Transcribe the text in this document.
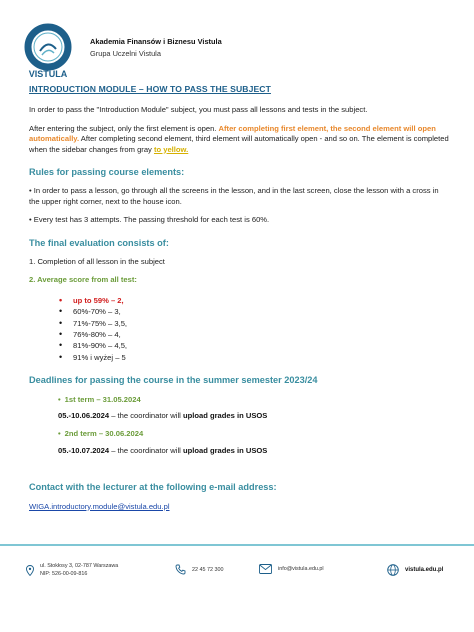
VISTULA
Akademia Finansów i Biznesu Vistula
Grupa Uczelni Vistula
INTRODUCTION MODULE – HOW TO PASS THE SUBJECT

In order to pass the "Introduction Module" subject, you must pass all lessons and tests in the subject.

After entering the subject, only the first element is open. After completing first element, the second element will open automatically. After completing second element, third element will automatically open - and so on. The element is completed when the sidebar changes from gray to yellow.

Rules for passing course elements:

• In order to pass a lesson, go through all the screens in the lesson, and in the last screen, close the lesson with a cross in the upper right corner, next to the house icon.

• Every test has 3 attempts. The passing threshold for each test is 60%.

The final evaluation consists of:

1. Completion of all lesson in the subject

2. Average score from all test:
• up to 59% – 2,
• 60%-70% – 3,
• 71%-75% – 3,5,
• 76%-80% – 4,
• 81%-90% – 4,5,
• 91% i wyżej – 5
Deadlines for passing the course in the summer semester 2023/24
• 1st term – 31.05.2024
05.-10.06.2024 – the coordinator will upload grades in USOS
• 2nd term – 30.06.2024
05.-10.07.2024 – the coordinator will upload grades in USOS
Contact with the lecturer at the following e-mail address:
WIGA.introductory.module@vistula.edu.pl
ul. Stokłosy 3, 02-787 Warszawa
NIP: 526-00-09-816
22 45 72 300	info@vistula.edu.pl	vistula.edu.pl
